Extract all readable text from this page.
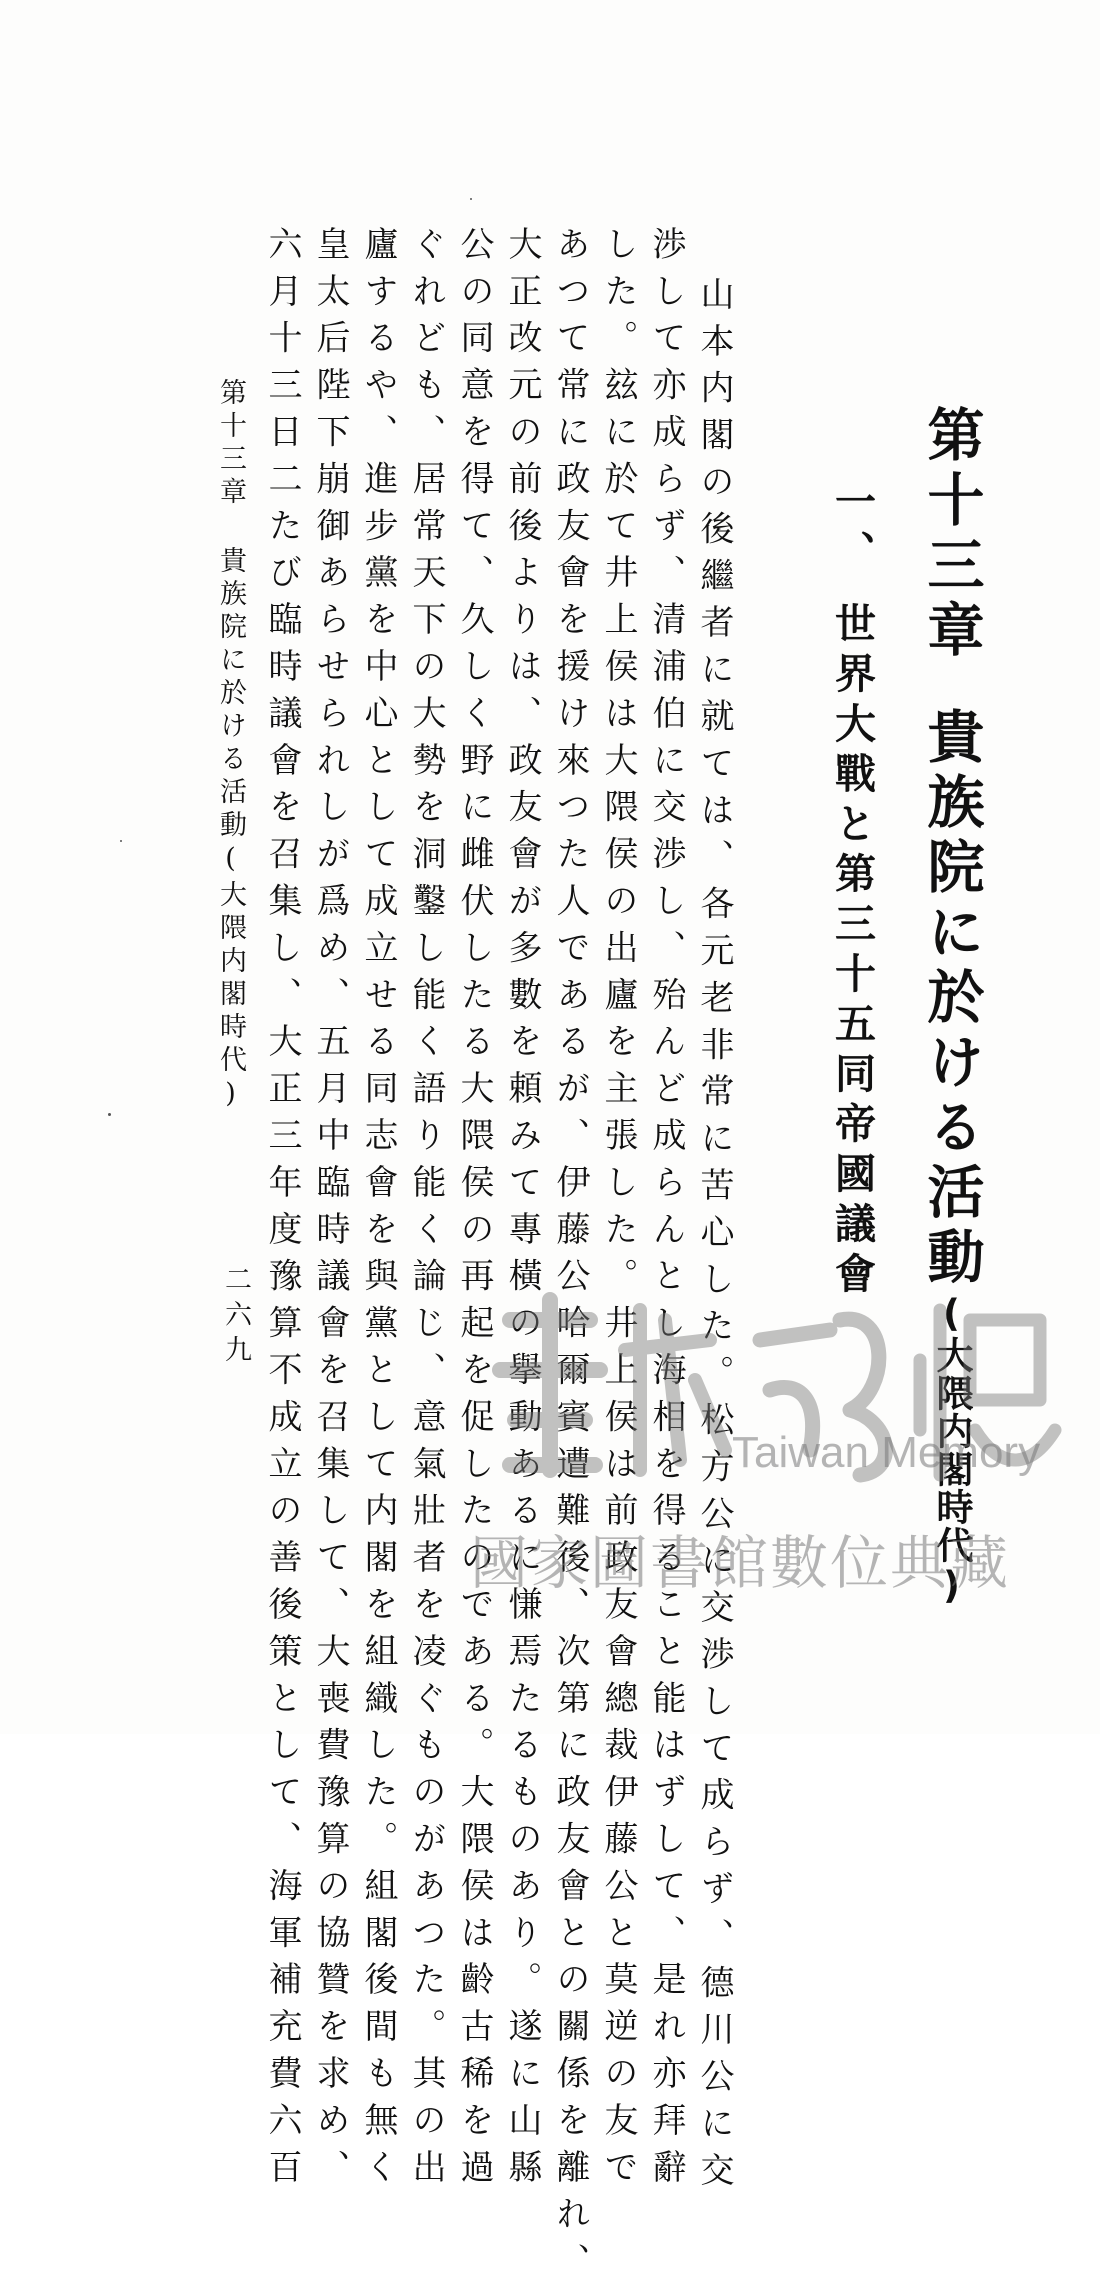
第十三章貴族院に於ける活動(大隈内閣時代)
一、世界大戰と第三十五同帝國議會
山本内閣の後繼者に就ては、各元老非常に苦心した。松方公に交渉して成らず、德川公に交
渉して亦成らず、清浦伯に交渉し、殆んど成らんとし海相を得ること能はずして、是れ亦拜辭
した。玆に於て井上侯は大隈侯の出廬を主張した。井上侯は前政友會總裁伊藤公と莫逆の友で
あつて常に政友會を援け來つた人であるが、伊藤公哈爾賓遭難後、次第に政友會との關係を離れ、
大正改元の前後よりは、政友會が多數を頼みて專橫の擧動あるに慊焉たるものあり。遂に山縣
公の同意を得て、久しく野に雌伏したる大隈侯の再起を促したのである。大隈侯は齡古稀を過
ぐれども、居常天下の大勢を洞鑿し能く語り能く論じ、意氣壯者を凌ぐものがあつた。其の出
廬するや、進步黨を中心として成立せる同志會を與黨として内閣を組織した。組閣後間も無く
皇太后陛下崩御あらせられしが爲め、五月中臨時議會を召集して、大喪費豫算の協贊を求め、
六月十三日二たび臨時議會を召集し、大正三年度豫算不成立の善後策として、海軍補充費六百
第十三章貴族院に於ける活動(大隈内閣時代)
二六九
Taiwan Memory
國家圖書館數位典藏
